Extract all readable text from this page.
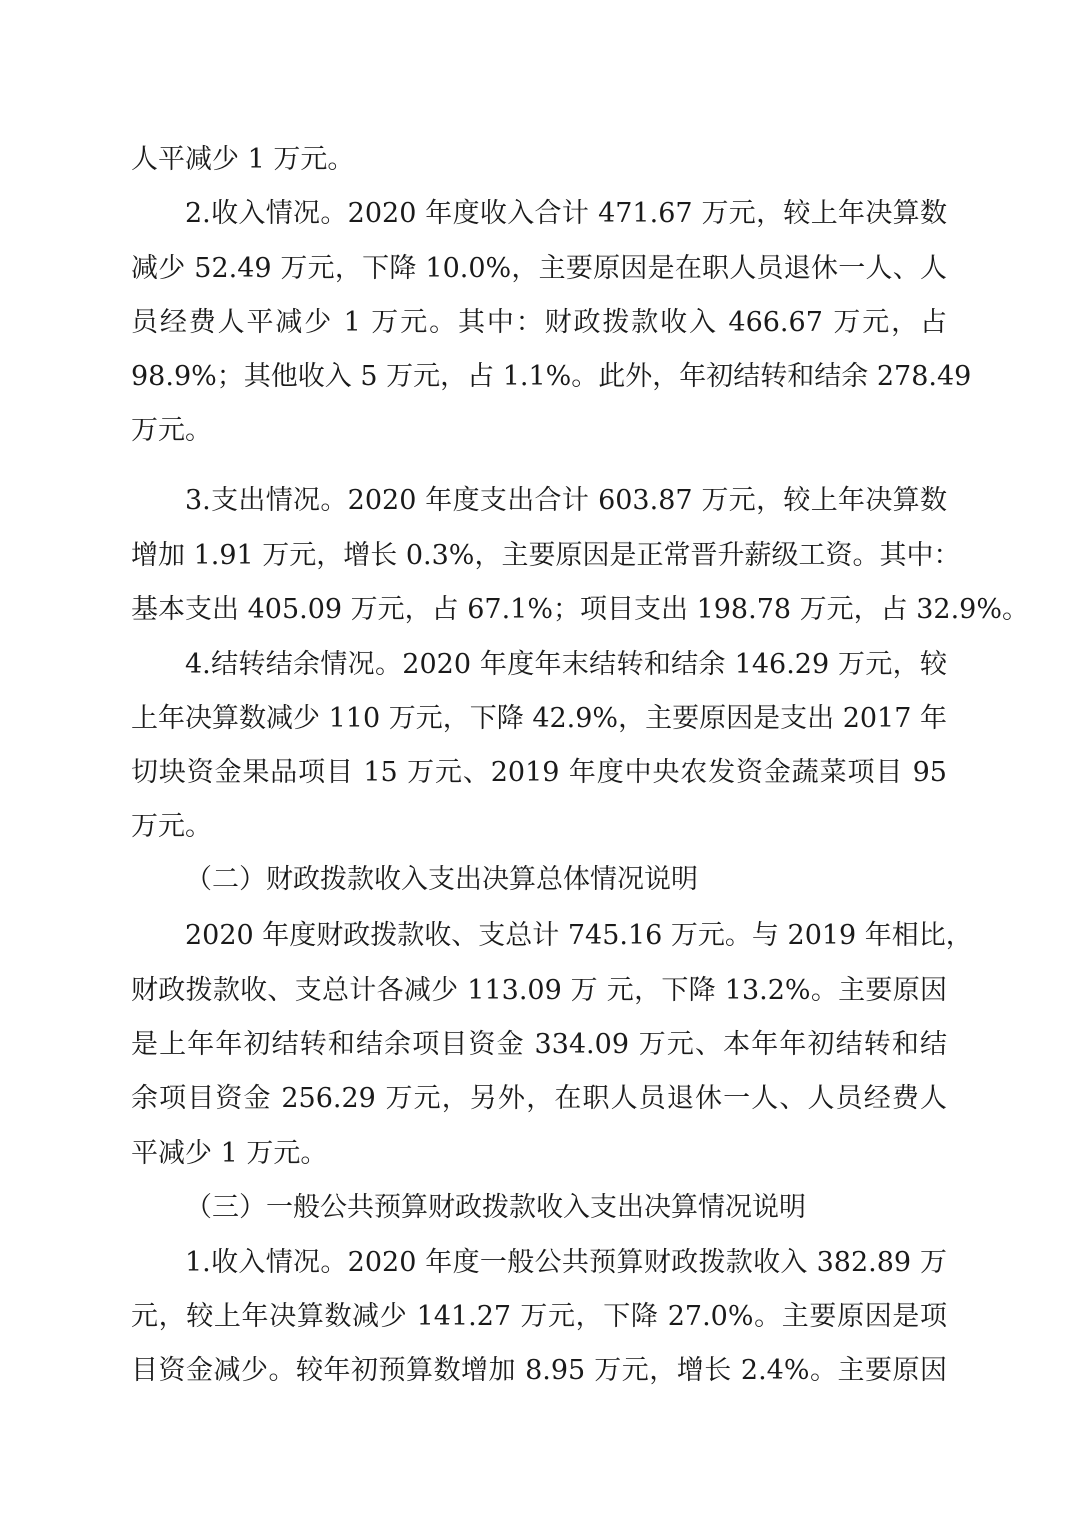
人平减少 1 万元。
2.收入情况。2020 年度收入合计 471.67 万元，较上年决算数
减少 52.49 万元，下降 10.0%，主要原因是在职人员退休一人、人
员经费人平减少 1 万元。其中：财政拨款收入 466.67 万元，占
98.9%；其他收入 5 万元，占 1.1%。此外，年初结转和结余 278.49
万元。
3.支出情况。2020 年度支出合计 603.87 万元，较上年决算数
增加 1.91 万元，增长 0.3%，主要原因是正常晋升薪级工资。其中：
基本支出 405.09 万元，占 67.1%；项目支出 198.78 万元，占 32.9%。
4.结转结余情况。2020 年度年末结转和结余 146.29 万元，较
上年决算数减少 110 万元，下降 42.9%，主要原因是支出 2017 年
切块资金果品项目 15 万元、2019 年度中央农发资金蔬菜项目 95
万元。
（二）财政拨款收入支出决算总体情况说明
2020 年度财政拨款收、支总计 745.16 万元。与 2019 年相比，
财政拨款收、支总计各减少 113.09 万 元，下降 13.2%。主要原因
是上年年初结转和结余项目资金 334.09 万元、本年年初结转和结
余项目资金 256.29 万元，另外，在职人员退休一人、人员经费人
平减少 1 万元。
（三）一般公共预算财政拨款收入支出决算情况说明
1.收入情况。2020 年度一般公共预算财政拨款收入 382.89 万
元，较上年决算数减少 141.27 万元，下降 27.0%。主要原因是项
目资金减少。较年初预算数增加 8.95 万元，增长 2.4%。主要原因
